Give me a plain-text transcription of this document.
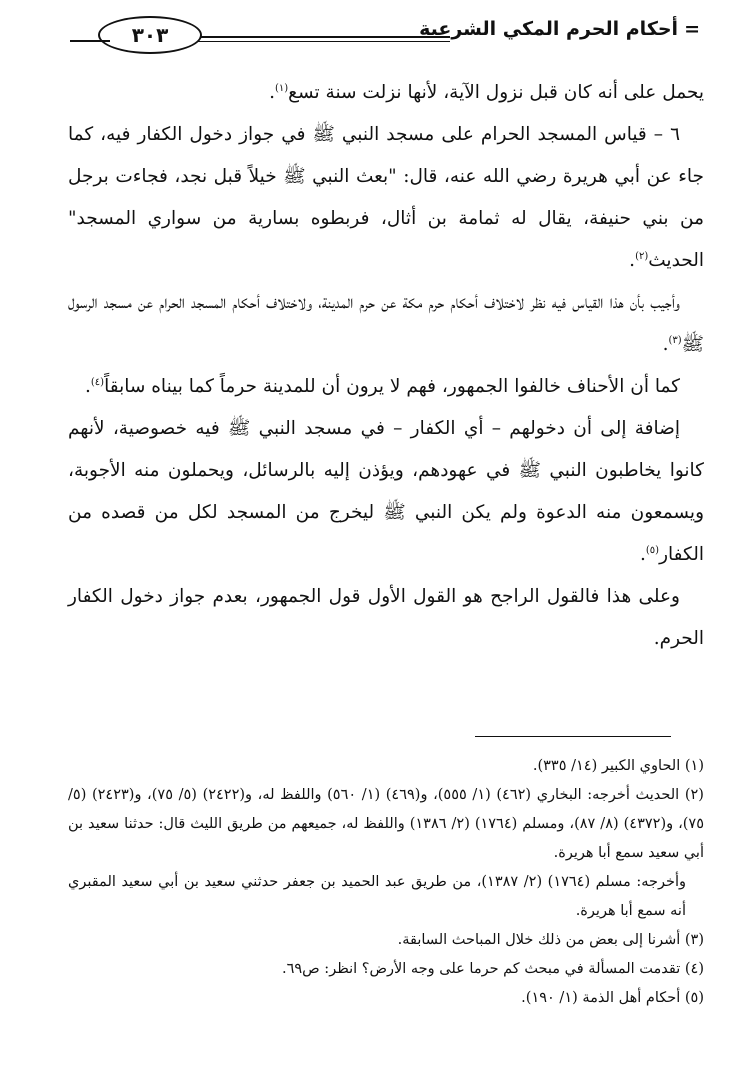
=أحكام الحرم المكي الشرعية
٣٠٣

يحمل على أنه كان قبل نزول الآية، لأنها نزلت سنة تسع$^{(١)}$.

٦ – قياس المسجد الحرام على مسجد النبي ﷺ في جواز دخول الكفار فيه، كما جاء عن أبي هريرة رضي الله عنه، قال: "بعث النبي ﷺ خيلاً قبل نجد، فجاءت برجل من بني حنيفة، يقال له ثمامة بن أثال، فربطوه بسارية من سواري المسجد" الحديث$^{(٢)}$.

وأجيب بأن هذا القياس فيه نظر لاختلاف أحكام حرم مكة عن حرم المدينة، ولاختلاف أحكام المسجد الحرام عن مسجد الرسول ﷺ$^{(٣)}$.

كما أن الأحناف خالفوا الجمهور، فهم لا يرون أن للمدينة حرماً كما بيناه سابقاً$^{(٤)}$.

إضافة إلى أن دخولهم – أي الكفار – في مسجد النبي ﷺ فيه خصوصية، لأنهم كانوا يخاطبون النبي ﷺ في عهودهم، ويؤذن إليه بالرسائل، ويحملون منه الأجوبة، ويسمعون منه الدعوة ولم يكن النبي ﷺ ليخرج من المسجد لكل من قصده من الكفار$^{(٥)}$.

وعلى هذا فالقول الراجح هو القول الأول قول الجمهور، بعدم جواز دخول الكفار الحرم.

(١) الحاوي الكبير (١٤/ ٣٣٥).

(٢) الحديث أخرجه: البخاري (٤٦٢) (١/ ٥٥٥)، و(٤٦٩) (١/ ٥٦٠) واللفظ له، و(٢٤٢٢) (٥/ ٧٥)، و(٢٤٢٣) (٥/ ٧٥)، و(٤٣٧٢) (٨/ ٨٧)، ومسلم (١٧٦٤) (٢/ ١٣٨٦) واللفظ له، جميعهم من طريق الليث قال: حدثنا سعيد بن أبي سعيد سمع أبا هريرة.

وأخرجه: مسلم (١٧٦٤) (٢/ ١٣٨٧)، من طريق عبد الحميد بن جعفر حدثني سعيد بن أبي سعيد المقبري أنه سمع أبا هريرة.

(٣) أشرنا إلى بعض من ذلك خلال المباحث السابقة.

(٤) تقدمت المسألة في مبحث كم حرما على وجه الأرض؟ انظر: ص٦٩.

(٥) أحكام أهل الذمة (١/ ١٩٠).
